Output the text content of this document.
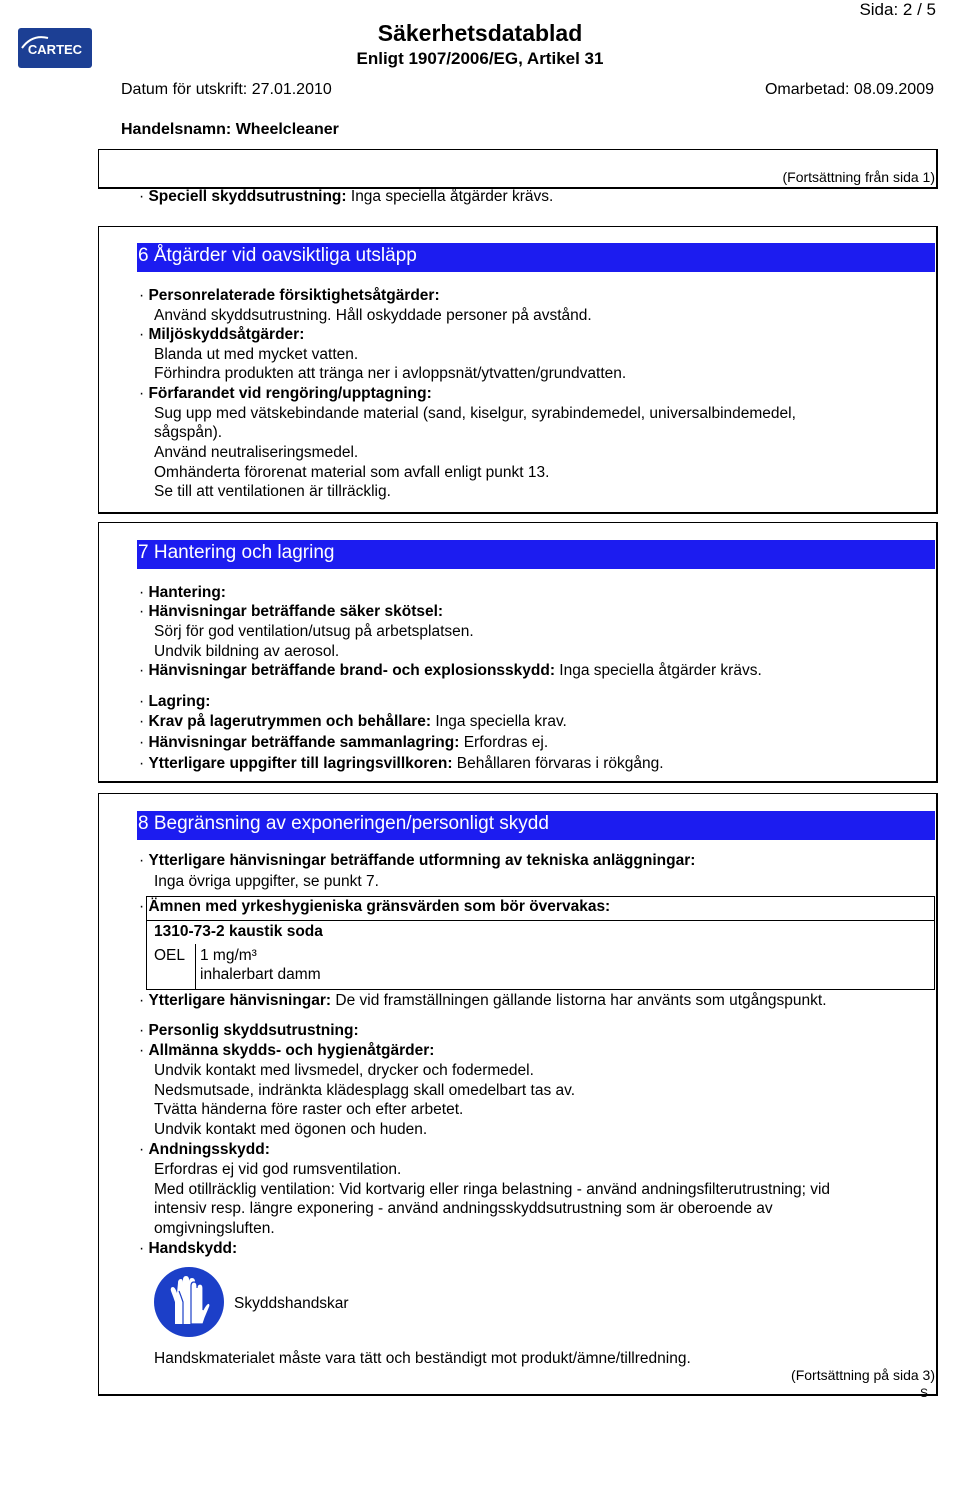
CARTEC
Sida: 2 / 5
Säkerhetsdatablad
Enligt 1907/2006/EG, Artikel 31
Datum för utskrift: 27.01.2010	Omarbetad: 08.09.2009
Handelsnamn: Wheelcleaner
(Fortsättning från sida 1)
· Speciell skyddsutrustning: Inga speciella åtgärder krävs.
6 Åtgärder vid oavsiktliga utsläpp
· Personrelaterade försiktighetsåtgärder:
Använd skyddsutrustning. Håll oskyddade personer på avstånd.
· Miljöskyddsåtgärder:
Blanda ut med mycket vatten.
Förhindra produkten att tränga ner i avloppsnät/ytvatten/grundvatten.
· Förfarandet vid rengöring/upptagning:
Sug upp med vätskebindande material (sand, kiselgur, syrabindemedel, universalbindemedel,
sågspån).
Använd neutraliseringsmedel.
Omhänderta förorenat material som avfall enligt punkt 13.
Se till att ventilationen är tillräcklig.
7 Hantering och lagring
· Hantering:
· Hänvisningar beträffande säker skötsel:
Sörj för god ventilation/utsug på arbetsplatsen.
Undvik bildning av aerosol.
· Hänvisningar beträffande brand- och explosionsskydd: Inga speciella åtgärder krävs.
· Lagring:
· Krav på lagerutrymmen och behållare: Inga speciella krav.
· Hänvisningar beträffande sammanlagring: Erfordras ej.
· Ytterligare uppgifter till lagringsvillkoren: Behållaren förvaras i rökgång.
8 Begränsning av exponeringen/personligt skydd
· Ytterligare hänvisningar beträffande utformning av tekniska anläggningar:
Inga övriga uppgifter, se punkt 7.
· Ämnen med yrkeshygieniska gränsvärden som bör övervakas:
1310-73-2 kaustik soda
OEL 1 mg/m³
inhalerbart damm
· Ytterligare hänvisningar: De vid framställningen gällande listorna har använts som utgångspunkt.
· Personlig skyddsutrustning:
· Allmänna skydds- och hygienåtgärder:
Undvik kontakt med livsmedel, drycker och fodermedel.
Nedsmutsade, indränkta klädesplagg skall omedelbart tas av.
Tvätta händerna före raster och efter arbetet.
Undvik kontakt med ögonen och huden.
· Andningsskydd:
Erfordras ej vid god rumsventilation.
Med otillräcklig ventilation: Vid kortvarig eller ringa belastning - använd andningsfilterutrustning; vid
intensiv resp. längre exponering - använd andningsskyddsutrustning som är oberoende av
omgivningsluften.
· Handskydd:
Skyddshandskar
Handskmaterialet måste vara tätt och beständigt mot produkt/ämne/tillredning.
(Fortsättning på sida 3)
S
